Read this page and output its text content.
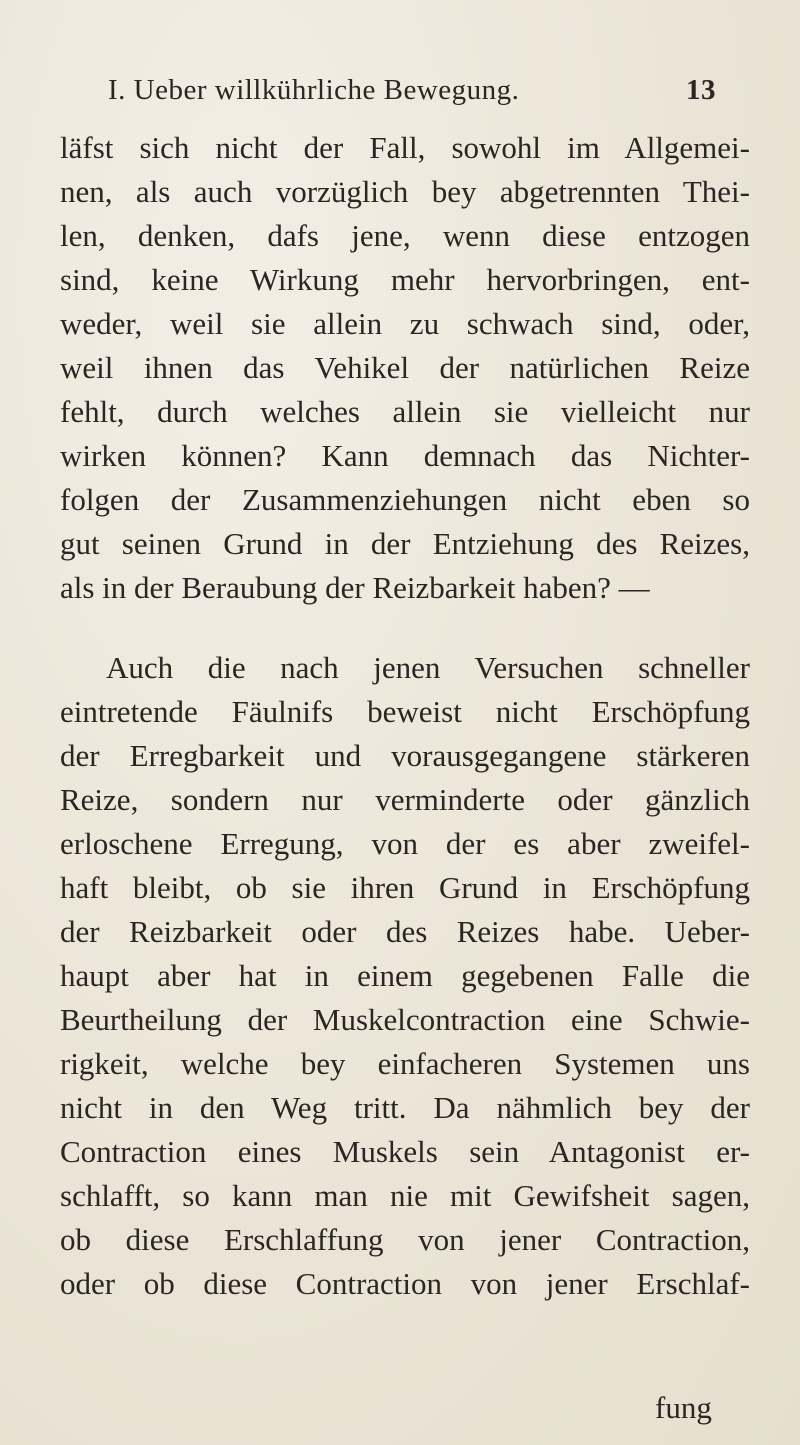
I. Ueber willkührliche Bewegung.	13
läfst sich nicht der Fall, sowohl im Allgemei-
nen, als auch vorzüglich bey abgetrennten Thei-
len, denken, dafs jene, wenn diese entzogen
sind, keine Wirkung mehr hervorbringen, ent-
weder, weil sie allein zu schwach sind, oder,
weil ihnen das Vehikel der natürlichen Reize
fehlt, durch welches allein sie vielleicht nur
wirken können? Kann demnach das Nichter-
folgen der Zusammenziehungen nicht eben so
gut seinen Grund in der Entziehung des Reizes,
als in der Beraubung der Reizbarkeit haben? —
Auch die nach jenen Versuchen schneller
eintretende Fäulnifs beweist nicht Erschöpfung
der Erregbarkeit und vorausgegangene stärkeren
Reize, sondern nur verminderte oder gänzlich
erloschene Erregung, von der es aber zweifel-
haft bleibt, ob sie ihren Grund in Erschöpfung
der Reizbarkeit oder des Reizes habe. Ueber-
haupt aber hat in einem gegebenen Falle die
Beurtheilung der Muskelcontraction eine Schwie-
rigkeit, welche bey einfacheren Systemen uns
nicht in den Weg tritt. Da nähmlich bey der
Contraction eines Muskels sein Antagonist er-
schlafft, so kann man nie mit Gewifsheit sagen,
ob diese Erschlaffung von jener Contraction,
oder ob diese Contraction von jener Erschlaf-
fung
